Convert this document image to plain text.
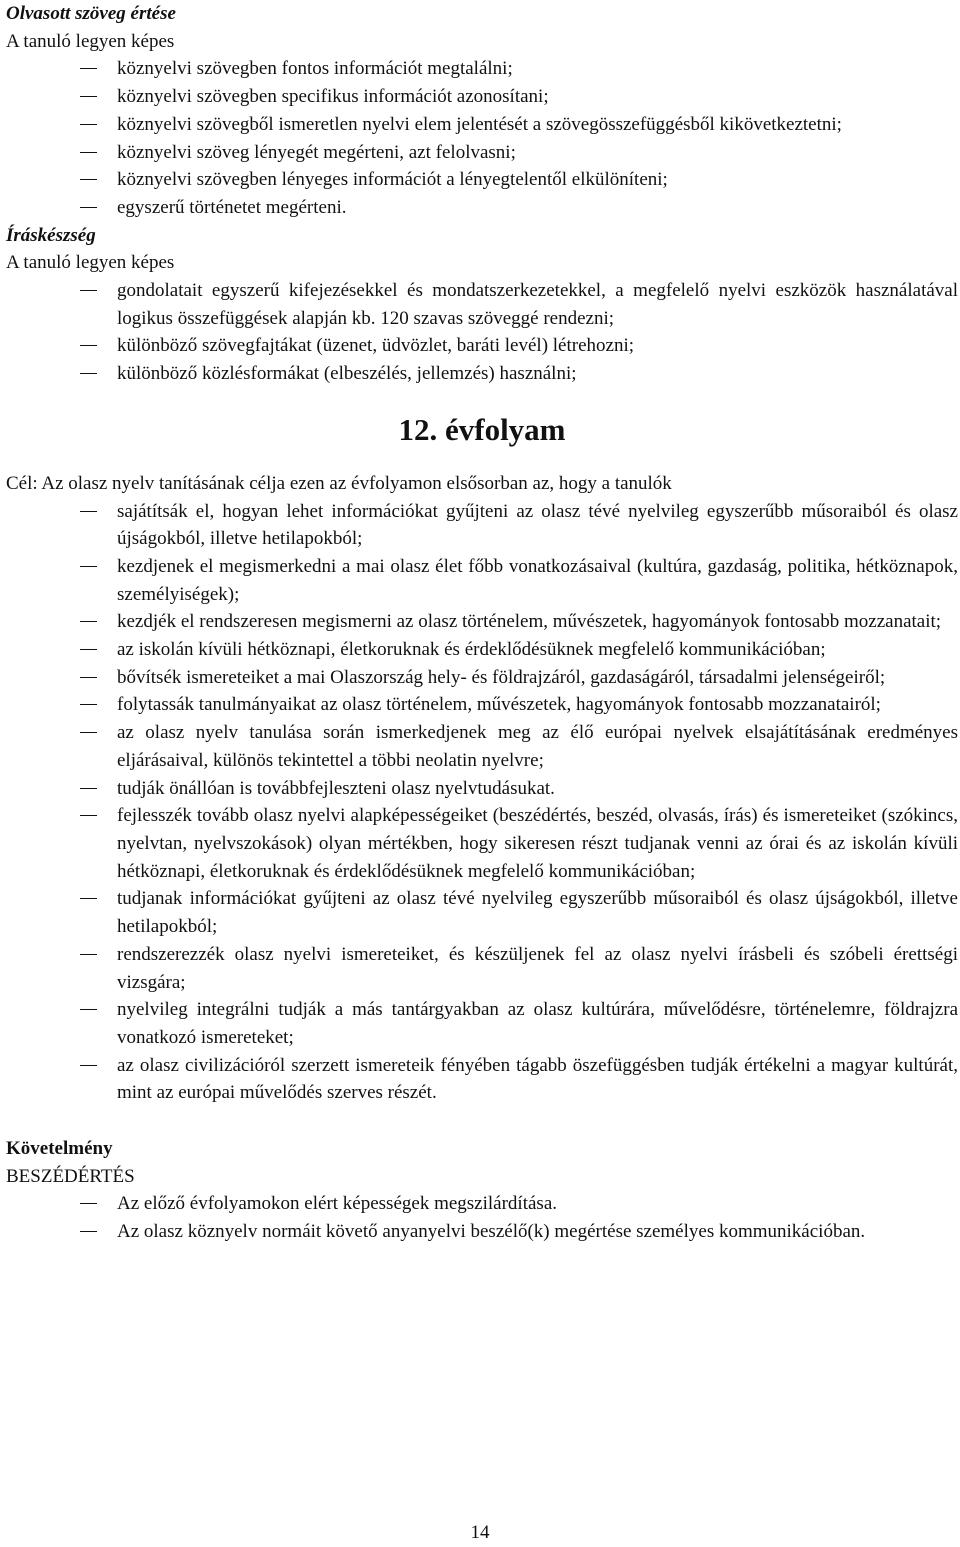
Olvasott szöveg értése
A tanuló legyen képes
köznyelvi szövegben fontos információt megtalálni;
köznyelvi szövegben specifikus információt azonosítani;
köznyelvi szövegből ismeretlen nyelvi elem jelentését a szövegösszefüggésből kikövetkeztetni;
köznyelvi szöveg lényegét megérteni, azt felolvasni;
köznyelvi szövegben lényeges információt a lényegtelentől elkülöníteni;
egyszerű történetet megérteni.
Íráskészség
A tanuló legyen képes
gondolatait egyszerű kifejezésekkel és mondatszerkezetekkel, a megfelelő nyelvi eszközök használatával logikus összefüggések alapján kb. 120 szavas szöveggé rendezni;
különböző szövegfajtákat (üzenet, üdvözlet, baráti levél) létrehozni;
különböző közlésformákat (elbeszélés, jellemzés) használni;
12. évfolyam
Cél: Az olasz nyelv tanításának célja ezen az évfolyamon elsősorban az, hogy a tanulók
sajátítsák el, hogyan lehet információkat gyűjteni az olasz tévé nyelvileg egyszerűbb műsoraiból és olasz újságokból, illetve hetilapokból;
kezdjenek el megismerkedni a mai olasz élet főbb vonatkozásaival (kultúra, gazdaság, politika, hétköznapok, személyiségek);
kezdjék el rendszeresen megismerni az olasz történelem, művészetek, hagyományok fontosabb mozzanatait;
az iskolán kívüli hétköznapi, életkoruknak és érdeklődésüknek megfelelő kommunikációban;
bővítsék ismereteiket a mai Olaszország hely- és földrajzáról, gazdaságáról, társadalmi jelenségeiről;
folytassák tanulmányaikat az olasz történelem, művészetek, hagyományok fontosabb mozzanatairól;
az olasz nyelv tanulása során ismerkedjenek meg az élő európai nyelvek elsajátításának eredményes eljárásaival, különös tekintettel a többi neolatin nyelvre;
tudják önállóan is továbbfejleszteni olasz nyelvtudásukat.
fejlesszék tovább olasz nyelvi alapképességeiket (beszédértés, beszéd, olvasás, írás) és ismereteiket (szókincs, nyelvtan, nyelvszokások) olyan mértékben, hogy sikeresen részt tudjanak venni az órai és az iskolán kívüli hétköznapi, életkoruknak és érdeklődésüknek megfelelő kommunikációban;
tudjanak információkat gyűjteni az olasz tévé nyelvileg egyszerűbb műsoraiból és olasz újságokból, illetve hetilapokból;
rendszerezzék olasz nyelvi ismereteiket, és készüljenek fel az olasz nyelvi írásbeli és szóbeli érettségi vizsgára;
nyelvileg integrálni tudják a más tantárgyakban az olasz kultúrára, művelődésre, történelemre, földrajzra vonatkozó ismereteket;
az olasz civilizációról szerzett ismereteik fényében tágabb öszefüggésben tudják értékelni a magyar kultúrát, mint az európai művelődés szerves részét.
Követelmény
BESZÉDÉRTÉS
Az előző évfolyamokon elért képességek megszilárdítása.
Az olasz köznyelv normáit követő anyanyelvi beszélő(k) megértése személyes kommunikációban.
14
